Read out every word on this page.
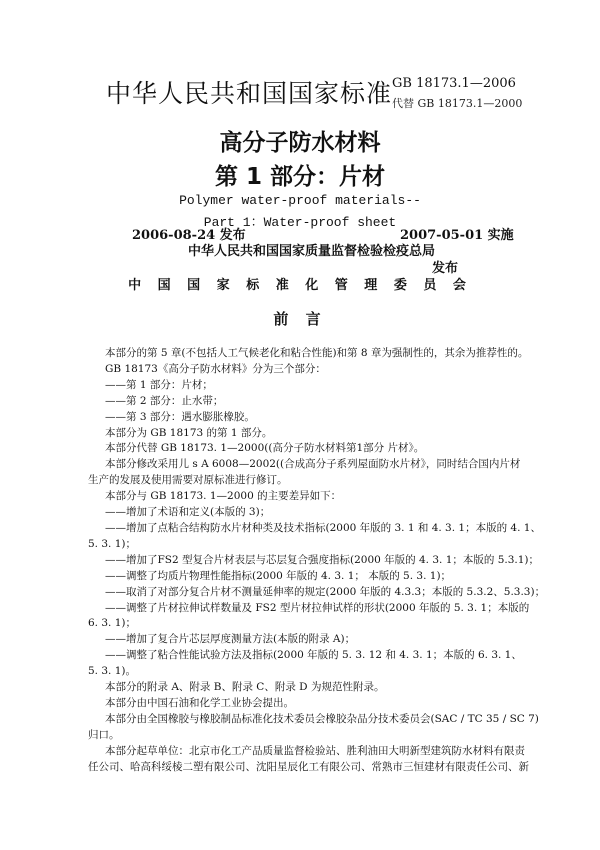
中华人民共和国国家标准 GB 18173.1—2006
代替 GB 18173.1—2000
高分子防水材料
第 1 部分：片材
Polymer water-proof materials--
Part 1：Water-proof sheet
2006-08-24 发布	2007-05-01 实施
中华人民共和国国家质量监督检验检疫总局
发布
中 国 国 家 标 准 化 管 理 委 员 会
前 言

本部分的第 5 章(不包括人工气候老化和粘合性能)和第 8 章为强制性的，其余为推荐性的。

GB 18173《高分子防水材料》分为三个部分：

——第 1 部分：片材；

——第 2 部分：止水带；

——第 3 部分：遇水膨胀橡胶。

本部分为 GB 18173 的第 1 部分。

本部分代替 GB 18173. 1—2000((高分子防水材料第1部分 片材》。

本部分修改采用儿 s A 6008—2002((合成高分子系列屋面防水片材》，同时结合国内片材

生产的发展及使用需要对原标准进行修订。

本部分与 GB 18173. 1—2000 的主要差异如下：

——增加了术语和定义(本版的 3)；

——增加了点粘合结构防水片材种类及技术指标(2000 年版的 3. 1 和 4. 3. 1；本版的 4. 1、

5. 3. 1)；

——增加了FS2 型复合片材表层与芯层复合强度指标(2000 年版的 4. 3. 1；本版的 5.3.1)；

——调整了均质片物理性能指标(2000 年版的 4. 3. 1； 本版的 5. 3. 1)；

——取消了对部分复合片材不测量延伸率的规定(2000 年版的 4.3.3；本版的 5.3.2、5.3.3)；

——调整了片材拉伸试样数量及 FS2 型片材拉伸试样的形状(2000 年版的 5. 3. 1；本版的

6. 3. 1)；

——增加了复合片芯层厚度测量方法(本版的附录 A)；

——调整了粘合性能试验方法及指标(2000 年版的 5. 3. 12 和 4. 3. 1；本版的 6. 3. 1、

5. 3. 1)。

本部分的附录 A、附录 B、附录 C、附录 D 为规范性附录。

本部分由中国石油和化学工业协会提出。

本部分由全国橡胶与橡胶制品标准化技术委员会橡胶杂品分技术委员会(SAC / TC 35 / SC 7)

归口。

本部分起草单位：北京市化工产品质量监督检验站、胜利油田大明新型建筑防水材料有限责

任公司、哈高科绥棱二塑有限公司、沈阳星辰化工有限公司、常熟市三恒建材有限责任公司、新
